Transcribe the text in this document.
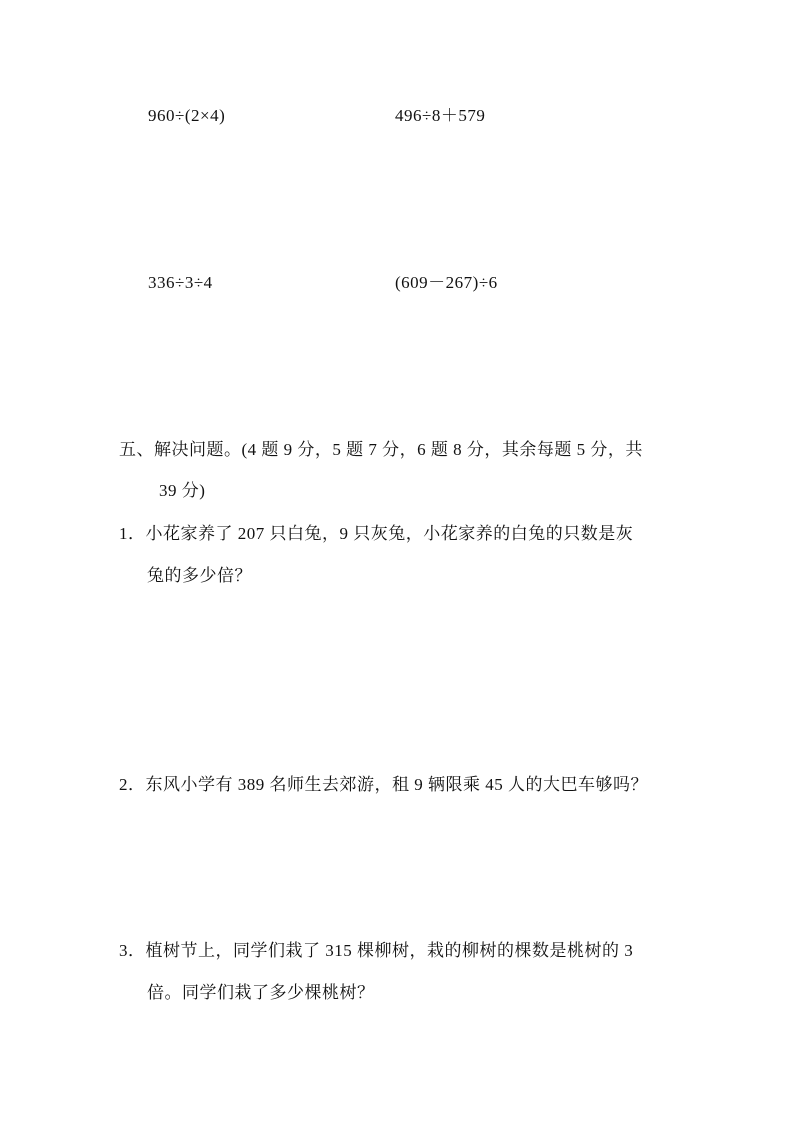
960÷(2×4)	496÷8＋579
336÷3÷4	(609－267)÷6
五、解决问题。(4 题 9 分，5 题 7 分，6 题 8 分，其余每题 5 分，共
39 分)
1．小花家养了 207 只白兔，9 只灰兔，小花家养的白兔的只数是灰
兔的多少倍？
2．东风小学有 389 名师生去郊游，租 9 辆限乘 45 人的大巴车够吗？
3．植树节上，同学们栽了 315 棵柳树，栽的柳树的棵数是桃树的 3
倍。同学们栽了多少棵桃树？
